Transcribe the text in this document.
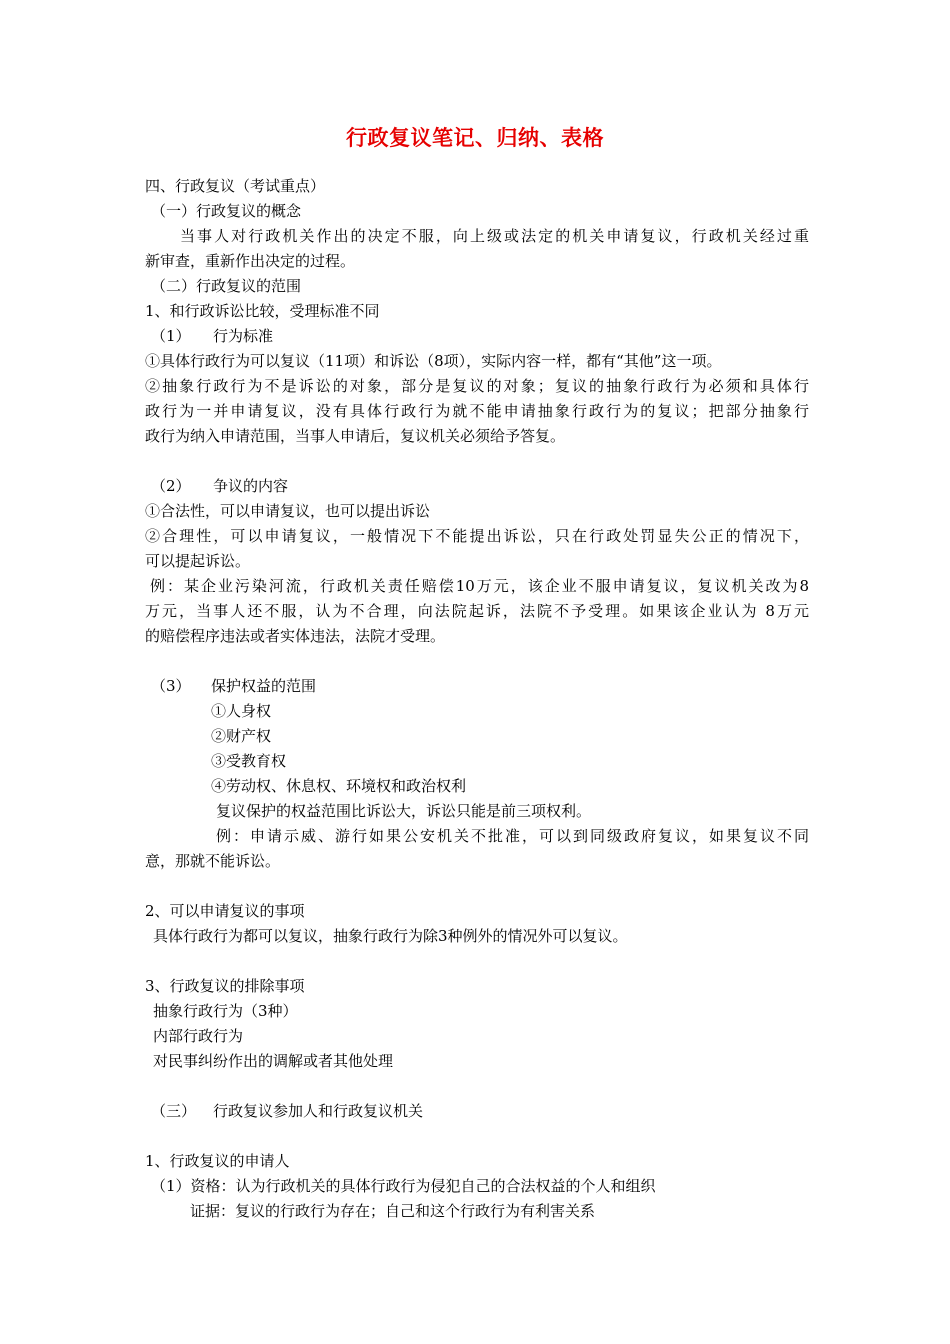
行政复议笔记、归纳、表格
四、行政复议（考试重点）
（一）行政复议的概念
当事人对行政机关作出的决定不服，向上级或法定的机关申请复议，行政机关经过重
新审查，重新作出决定的过程。
（二）行政复议的范围
1、和行政诉讼比较，受理标准不同
（1） 行为标准
①具体行政行为可以复议（11项）和诉讼（8项），实际内容一样，都有“其他”这一项。
②抽象行政行为不是诉讼的对象，部分是复议的对象；复议的抽象行政行为必须和具体行
政行为一并申请复议，没有具体行政行为就不能申请抽象行政行为的复议；把部分抽象行
政行为纳入申请范围，当事人申请后，复议机关必须给予答复。
（2） 争议的内容
①合法性，可以申请复议，也可以提出诉讼
②合理性，可以申请复议，一般情况下不能提出诉讼，只在行政处罚显失公正的情况下，
可以提起诉讼。
例：某企业污染河流，行政机关责任赔偿10万元，该企业不服申请复议，复议机关改为8
万元，当事人还不服，认为不合理，向法院起诉，法院不予受理。如果该企业认为 8万元
的赔偿程序违法或者实体违法，法院才受理。
（3） 保护权益的范围
①人身权
②财产权
③受教育权
④劳动权、休息权、环境权和政治权利
复议保护的权益范围比诉讼大，诉讼只能是前三项权利。
例：申请示威、游行如果公安机关不批准，可以到同级政府复议，如果复议不同
意，那就不能诉讼。
2、可以申请复议的事项
具体行政行为都可以复议，抽象行政行为除3种例外的情况外可以复议。
3、行政复议的排除事项
抽象行政行为（3种）
内部行政行为
对民事纠纷作出的调解或者其他处理
（三） 行政复议参加人和行政复议机关
1、行政复议的申请人
（1）资格：认为行政机关的具体行政行为侵犯自己的合法权益的个人和组织
证据：复议的行政行为存在；自己和这个行政行为有利害关系
